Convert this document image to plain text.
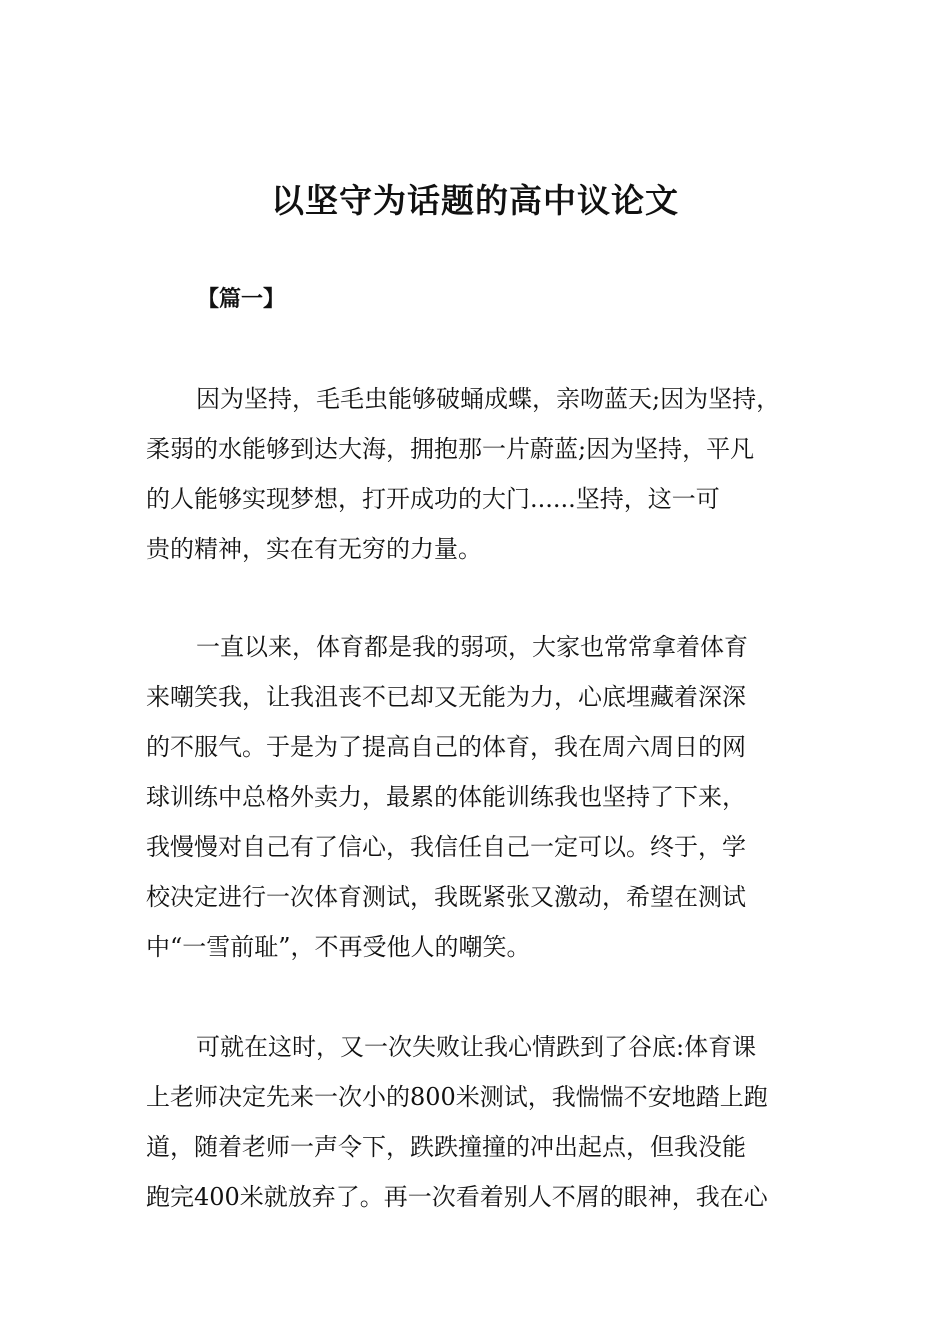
以坚守为话题的高中议论文
【篇一】
因为坚持，毛毛虫能够破蛹成蝶，亲吻蓝天;因为坚持，
柔弱的水能够到达大海，拥抱那一片蔚蓝;因为坚持，平凡
的人能够实现梦想，打开成功的大门......坚持，这一可
贵的精神，实在有无穷的力量。
一直以来，体育都是我的弱项，大家也常常拿着体育
来嘲笑我，让我沮丧不已却又无能为力，心底埋藏着深深
的不服气。于是为了提高自己的体育，我在周六周日的网
球训练中总格外卖力，最累的体能训练我也坚持了下来，
我慢慢对自己有了信心，我信任自己一定可以。终于，学
校决定进行一次体育测试，我既紧张又激动，希望在测试
中“一雪前耻”，不再受他人的嘲笑。
可就在这时，又一次失败让我心情跌到了谷底:体育课
上老师决定先来一次小的800米测试，我惴惴不安地踏上跑
道，随着老师一声令下，跌跌撞撞的冲出起点，但我没能
跑完400米就放弃了。再一次看着别人不屑的眼神，我在心
